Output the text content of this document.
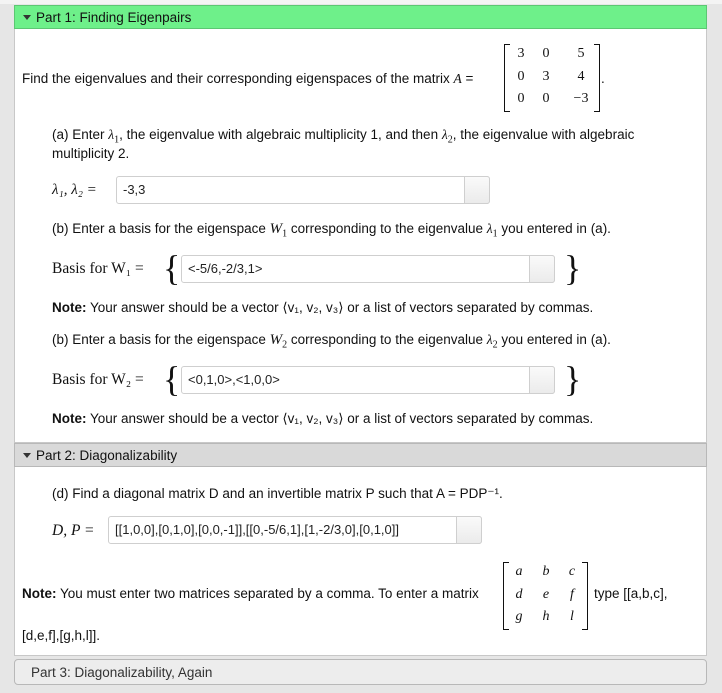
Part 1: Finding Eigenpairs
Find the eigenvalues and their corresponding eigenspaces of the matrix A =
3	0	5
0	3	4
0	0	−3
.
(a) Enter $\lambda_1$, the eigenvalue with algebraic multiplicity 1, and then $\lambda_2$, the eigenvalue with algebraic
multiplicity 2.
λ₁, λ₂ =	-3,3
(b) Enter a basis for the eigenspace $W_1$ corresponding to the eigenvalue $\lambda_1$ you entered in (a).
Basis for W₁ = { <-5/6,-2/3,1>	}
Note: Your answer should be a vector ⟨v₁, v₂, v₃⟩ or a list of vectors separated by commas.
(b) Enter a basis for the eigenspace $W_2$ corresponding to the eigenvalue $\lambda_2$ you entered in (a).
Basis for W₂ = { <0,1,0>,<1,0,0>	}
Note: Your answer should be a vector ⟨v₁, v₂, v₃⟩ or a list of vectors separated by commas.
Part 2: Diagonalizability
(d) Find a diagonal matrix D and an invertible matrix P such that A = PDP⁻¹.
D, P =	[[1,0,0],[0,1,0],[0,0,-1]],[[0,-5/6,1],[1,-2/3,0],[0,1,0]]
Note: You must enter two matrices separated by a comma. To enter a matrix
a	b	c
d	e	f
g	h	l
type [[a,b,c],
[d,e,f],[g,h,l]].
Part 3: Diagonalizability, Again
